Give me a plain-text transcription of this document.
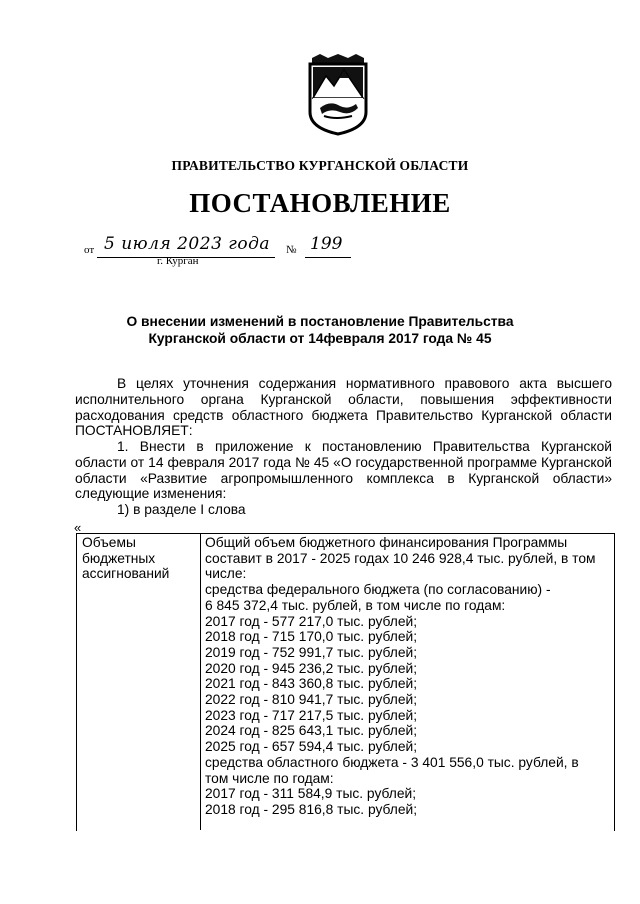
ПРАВИТЕЛЬСТВО КУРГАНСКОЙ ОБЛАСТИ
ПОСТАНОВЛЕНИЕ
от 5 июля 2023 года № 199
г. Курган
О внесении изменений в постановление Правительства
Курганской области от 14февраля 2017 года № 45
В целях уточнения содержания нормативного правового акта высшего исполнительного органа Курганской области, повышения эффективности расходования средств областного бюджета Правительство Курганской области ПОСТАНОВЛЯЕТ:
1. Внести в приложение к постановлению Правительства Курганской области от 14 февраля 2017 года № 45 «О государственной программе Курганской области «Развитие агропромышленного комплекса в Курганской области» следующие изменения:
1) в разделе I слова
«
Объемы бюджетных ассигнований
Общий объем бюджетного финансирования Программы
составит в 2017 - 2025 годах 10 246 928,4 тыс. рублей, в том
числе:
средства федерального бюджета (по согласованию) -
6 845 372,4 тыс. рублей, в том числе по годам:
2017 год - 577 217,0 тыс. рублей;
2018 год - 715 170,0 тыс. рублей;
2019 год - 752 991,7 тыс. рублей;
2020 год - 945 236,2 тыс. рублей;
2021 год - 843 360,8 тыс. рублей;
2022 год - 810 941,7 тыс. рублей;
2023 год - 717 217,5 тыс. рублей;
2024 год - 825 643,1 тыс. рублей;
2025 год - 657 594,4 тыс. рублей;
средства областного бюджета - 3 401 556,0 тыс. рублей, в
том числе по годам:
2017 год - 311 584,9 тыс. рублей;
2018 год - 295 816,8 тыс. рублей;
